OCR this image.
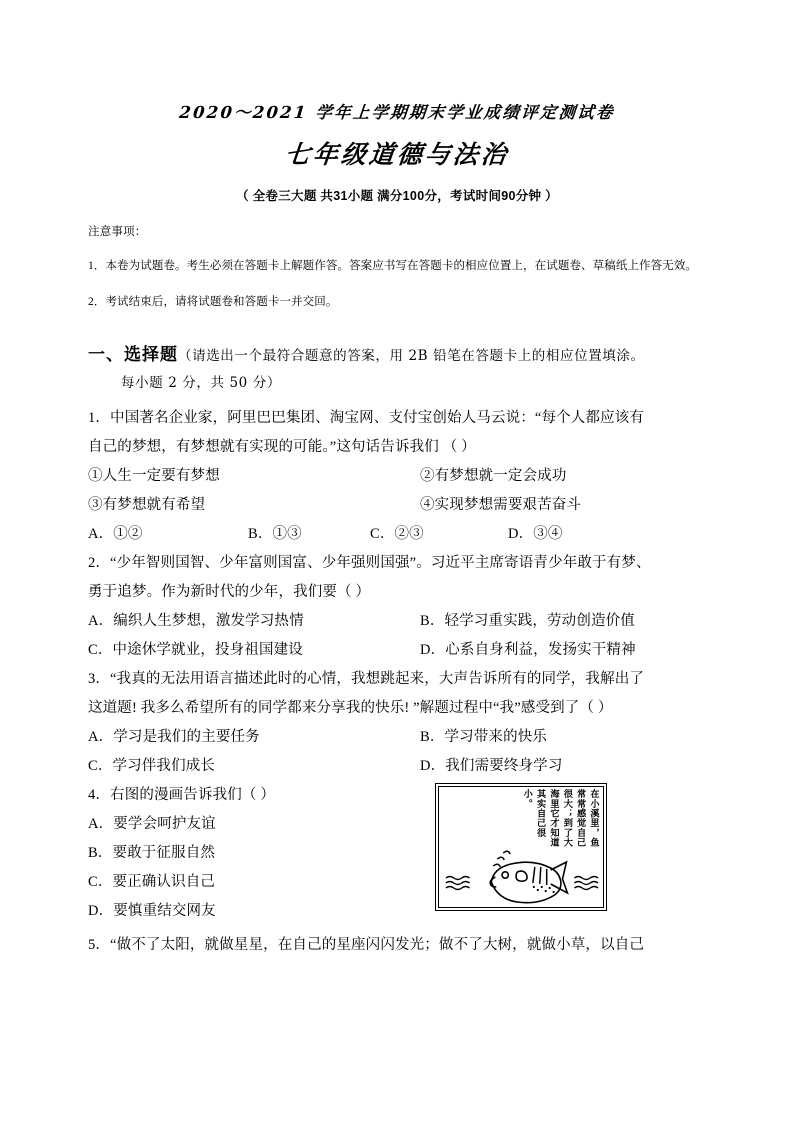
2020～2021 学年上学期期末学业成绩评定测试卷
七年级道德与法治
（ 全卷三大题 共31小题 满分100分，考试时间90分钟 ）
注意事项：
1．本卷为试题卷。考生必须在答题卡上解题作答。答案应书写在答题卡的相应位置上，在试题卷、草稿纸上作答无效。
2．考试结束后，请将试题卷和答题卡一并交回。
一、选择题（请选出一个最符合题意的答案，用 2B 铅笔在答题卡上的相应位置填涂。
每小题 2 分，共 50 分）
1．中国著名企业家，阿里巴巴集团、淘宝网、支付宝创始人马云说：“每个人都应该有
自己的梦想，有梦想就有实现的可能。”这句话告诉我们 （ ）
①人生一定要有梦想	②有梦想就一定会成功
③有梦想就有希望	④实现梦想需要艰苦奋斗
A．①②	B．①③	C．②③	D．③④
2．“少年智则国智、少年富则国富、少年强则国强”。习近平主席寄语青少年敢于有梦、
勇于追梦。作为新时代的少年，我们要（ ）
A．编织人生梦想，激发学习热情	B．轻学习重实践，劳动创造价值
C．中途休学就业，投身祖国建设	D．心系自身利益，发扬实干精神
3．“我真的无法用语言描述此时的心情，我想跳起来，大声告诉所有的同学，我解出了
这道题! 我多么希望所有的同学都来分享我的快乐! ”解题过程中“我”感受到了（ ）
A．学习是我们的主要任务	B．学习带来的快乐
C．学习伴我们成长	D．我们需要终身学习
4．右图的漫画告诉我们（ ）
A．要学会呵护友谊
B．要敢于征服自然
C．要正确认识自己
D．要慎重结交网友
在小溪里，鱼常常感觉自己很大；到了大海里它才知道其实自己很小。
5．“做不了太阳，就做星星，在自己的星座闪闪发光；做不了大树，就做小草，以自己
